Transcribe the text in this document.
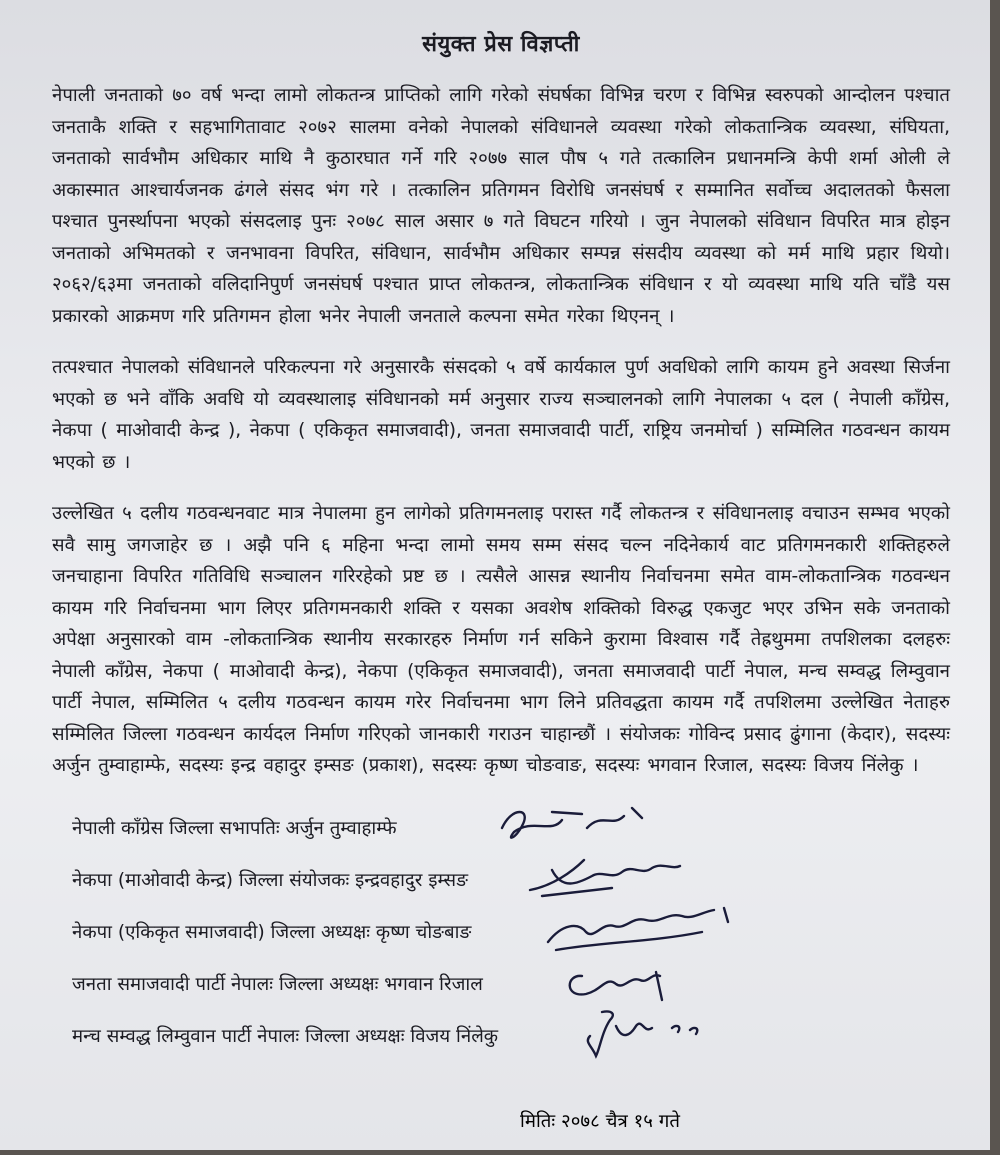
संयुक्त प्रेस विज्ञप्ती

नेपाली जनताको ७० वर्ष भन्दा लामो लोकतन्त्र प्राप्तिको लागि गरेको संघर्षका विभिन्न चरण र विभिन्न स्वरुपको आन्दोलन पश्चात जनताकै शक्ति र सहभागितावाट २०७२ सालमा वनेको नेपालको संविधानले व्यवस्था गरेको लोकतान्त्रिक व्यवस्था, संघियता, जनताको सार्वभौम अधिकार माथि नै कुठारघात गर्ने गरि २०७७ साल पौष ५ गते तत्कालिन प्रधानमन्त्रि केपी शर्मा ओली ले अकास्मात आश्चार्यजनक ढंगले संसद भंग गरे । तत्कालिन प्रतिगमन विरोधि जनसंघर्ष र सम्मानित सर्वोच्च अदालतको फैसला पश्चात पुनर्स्थापना भएको संसदलाइ पुनः २०७८ साल असार ७ गते विघटन गरियो । जुन नेपालको संविधान विपरित मात्र होइन जनताको अभिमतको र जनभावना विपरित, संविधान, सार्वभौम अधिकार सम्पन्न संसदीय व्यवस्था को मर्म माथि प्रहार थियो। २०६२/६३मा जनताको वलिदानिपुर्ण जनसंघर्ष पश्चात प्राप्त लोकतन्त्र, लोकतान्त्रिक संविधान र यो व्यवस्था माथि यति चाँडै यस प्रकारको आक्रमण गरि प्रतिगमन होला भनेर नेपाली जनताले कल्पना समेत गरेका थिएनन् ।

तत्पश्चात नेपालको संविधानले परिकल्पना गरे अनुसारकै संसदको ५ वर्षे कार्यकाल पुर्ण अवधिको लागि कायम हुने अवस्था सिर्जना भएको छ भने वाँकि अवधि यो व्यवस्थालाइ संविधानको मर्म अनुसार राज्य सञ्चालनको लागि नेपालका ५ दल ( नेपाली काँग्रेस, नेकपा ( माओवादी केन्द्र ), नेकपा ( एकिकृत समाजवादी), जनता समाजवादी पार्टी, राष्ट्रिय जनमोर्चा ) सम्मिलित गठवन्धन कायम भएको छ ।

उल्लेखित ५ दलीय गठवन्धनवाट मात्र नेपालमा हुन लागेको प्रतिगमनलाइ परास्त गर्दै लोकतन्त्र र संविधानलाइ वचाउन सम्भव भएको सवै सामु जगजाहेर छ । अझै पनि ६ महिना भन्दा लामो समय सम्म संसद चल्न नदिनेकार्य वाट प्रतिगमनकारी शक्तिहरुले जनचाहाना विपरित गतिविधि सञ्चालन गरिरहेको प्रष्ट छ । त्यसैले आसन्न स्थानीय निर्वाचनमा समेत वाम-लोकतान्त्रिक गठवन्धन कायम गरि निर्वाचनमा भाग लिएर प्रतिगमनकारी शक्ति र यसका अवशेष शक्तिको विरुद्ध एकजुट भएर उभिन सके जनताको अपेक्षा अनुसारको वाम -लोकतान्त्रिक स्थानीय सरकारहरु निर्माण गर्न सकिने कुरामा विश्वास गर्दै तेह्रथुममा तपशिलका दलहरुः नेपाली काँग्रेस, नेकपा ( माओवादी केन्द्र), नेकपा (एकिकृत समाजवादी), जनता समाजवादी पार्टी नेपाल, मन्च सम्वद्ध लिम्वुवान पार्टी नेपाल, सम्मिलित ५ दलीय गठवन्धन कायम गरेर निर्वाचनमा भाग लिने प्रतिवद्धता कायम गर्दै तपशिलमा उल्लेखित नेताहरु सम्मिलित जिल्ला गठवन्धन कार्यदल निर्माण गरिएको जानकारी गराउन चाहान्छौं । संयोजकः गोविन्द प्रसाद ढुंगाना (केदार), सदस्यः अर्जुन तुम्वाहाम्फे, सदस्यः इन्द्र वहादुर इम्सङ (प्रकाश), सदस्यः कृष्ण चोङवाङ, सदस्यः भगवान रिजाल, सदस्यः विजय निंलेकु ।

नेपाली काँग्रेस जिल्ला सभापतिः अर्जुन तुम्वाहाम्फे
नेकपा (माओवादी केन्द्र) जिल्ला संयोजकः इन्द्रवहादुर इम्सङ
नेकपा (एकिकृत समाजवादी) जिल्ला अध्यक्षः कृष्ण चोङबाङ
जनता समाजवादी पार्टी नेपालः जिल्ला अध्यक्षः भगवान रिजाल
मन्च सम्वद्ध लिम्वुवान पार्टी नेपालः जिल्ला अध्यक्षः विजय निंलेकु
मितिः २०७८ चैत्र १५ गते
